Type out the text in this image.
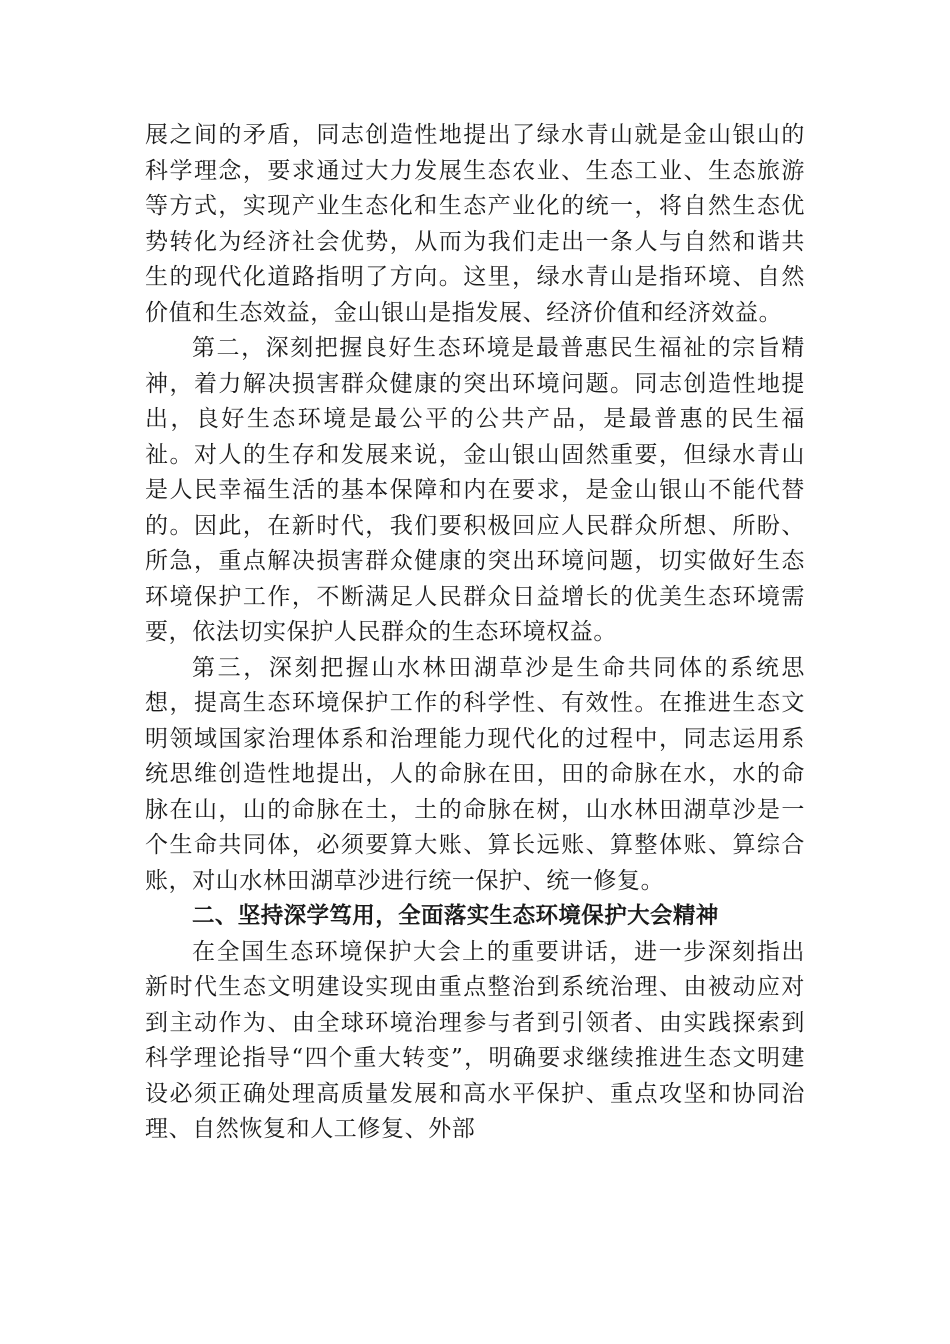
展之间的矛盾，同志创造性地提出了绿水青山就是金山银山的科学理念，要求通过大力发展生态农业、生态工业、生态旅游等方式，实现产业生态化和生态产业化的统一，将自然生态优势转化为经济社会优势，从而为我们走出一条人与自然和谐共生的现代化道路指明了方向。这里，绿水青山是指环境、自然价值和生态效益，金山银山是指发展、经济价值和经济效益。

第二，深刻把握良好生态环境是最普惠民生福祉的宗旨精神，着力解决损害群众健康的突出环境问题。同志创造性地提出，良好生态环境是最公平的公共产品，是最普惠的民生福祉。对人的生存和发展来说，金山银山固然重要，但绿水青山是人民幸福生活的基本保障和内在要求，是金山银山不能代替的。因此，在新时代，我们要积极回应人民群众所想、所盼、所急，重点解决损害群众健康的突出环境问题，切实做好生态环境保护工作，不断满足人民群众日益增长的优美生态环境需要，依法切实保护人民群众的生态环境权益。

第三，深刻把握山水林田湖草沙是生命共同体的系统思想，提高生态环境保护工作的科学性、有效性。在推进生态文明领域国家治理体系和治理能力现代化的过程中，同志运用系统思维创造性地提出，人的命脉在田，田的命脉在水，水的命脉在山，山的命脉在土，土的命脉在树，山水林田湖草沙是一个生命共同体，必须要算大账、算长远账、算整体账、算综合账，对山水林田湖草沙进行统一保护、统一修复。

二、坚持深学笃用，全面落实生态环境保护大会精神

在全国生态环境保护大会上的重要讲话，进一步深刻指出新时代生态文明建设实现由重点整治到系统治理、由被动应对到主动作为、由全球环境治理参与者到引领者、由实践探索到科学理论指导“四个重大转变”，明确要求继续推进生态文明建设必须正确处理高质量发展和高水平保护、重点攻坚和协同治理、自然恢复和人工修复、外部
